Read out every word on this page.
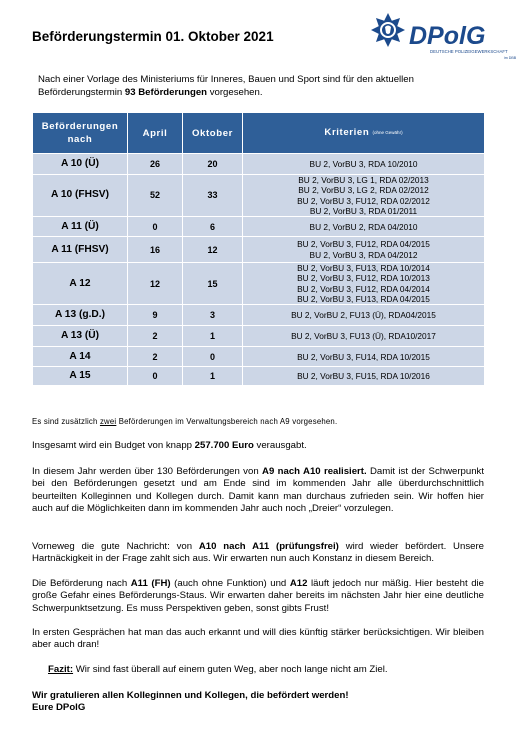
Beförderungstermin 01. Oktober 2021	DPolG
DEUTSCHE POLIZEIGEWERKSCHAFT
im DBB
Nach einer Vorlage des Ministeriums für Inneres, Bauen und Sport sind für den aktuellen Beförderungstermin 93 Beförderungen vorgesehen.
Beförderungen
nach	April	Oktober	Kriterien (ohne Gewähr)
A 10 (Ü)	26	20	BU 2, VorBU 3, RDA 10/2010

A 10 (FHSV)	52	33	BU 2, VorBU 3, LG 1, RDA 02/2013
BU 2, VorBU 3, LG 2, RDA 02/2012
BU 2, VorBU 3, FU12, RDA 02/2012
BU 2, VorBU 3, RDA 01/2011

A 11 (Ü)	0	6	BU 2, VorBU 2, RDA 04/2010

A 11 (FHSV)	16	12	BU 2, VorBU 3, FU12, RDA 04/2015
BU 2, VorBU 3, RDA 04/2012

A 12	12	15	BU 2, VorBU 3, FU13, RDA 10/2014
BU 2, VorBU 3, FU12, RDA 10/2013
BU 2, VorBU 3, FU12, RDA 04/2014
BU 2, VorBU 3, FU13, RDA 04/2015

A 13 (g.D.)	9	3	BU 2, VorBU 2, FU13 (Ü), RDA04/2015

A 13 (Ü)	2	1	BU 2, VorBU 3, FU13 (Ü), RDA10/2017

A 14	2	0	BU 2, VorBU 3, FU14, RDA 10/2015

A 15	0	1	BU 2, VorBU 3, FU15, RDA 10/2016
Es sind zusätzlich zwei Beförderungen im Verwaltungsbereich nach A9 vorgesehen.

Insgesamt wird ein Budget von knapp 257.700 Euro verausgabt.

In diesem Jahr werden über 130 Beförderungen von A9 nach A10 realisiert. Damit ist der Schwerpunkt bei den Beförderungen gesetzt und am Ende sind im kommenden Jahr alle überdurchschnittlich beurteilten Kolleginnen und Kollegen durch. Damit kann man durchaus zufrieden sein. Wir hoffen hier auch auf die Möglichkeiten dann im kommenden Jahr auch noch „Dreier“ vorzulegen.

Vorneweg die gute Nachricht: von A10 nach A11 (prüfungsfrei) wird wieder befördert. Unsere Hartnäckigkeit in der Frage zahlt sich aus. Wir erwarten nun auch Konstanz in diesem Bereich.

Die Beförderung nach A11 (FH) (auch ohne Funktion) und A12 läuft jedoch nur mäßig. Hier besteht die große Gefahr eines Beförderungs-Staus. Wir erwarten daher bereits im nächsten Jahr hier eine deutliche Schwerpunktsetzung. Es muss Perspektiven geben, sonst gibts Frust!

In ersten Gesprächen hat man das auch erkannt und will dies künftig stärker berücksichtigen. Wir bleiben aber auch dran!

Fazit: Wir sind fast überall auf einem guten Weg, aber noch lange nicht am Ziel.

Wir gratulieren allen Kolleginnen und Kollegen, die befördert werden!
Eure DPolG
